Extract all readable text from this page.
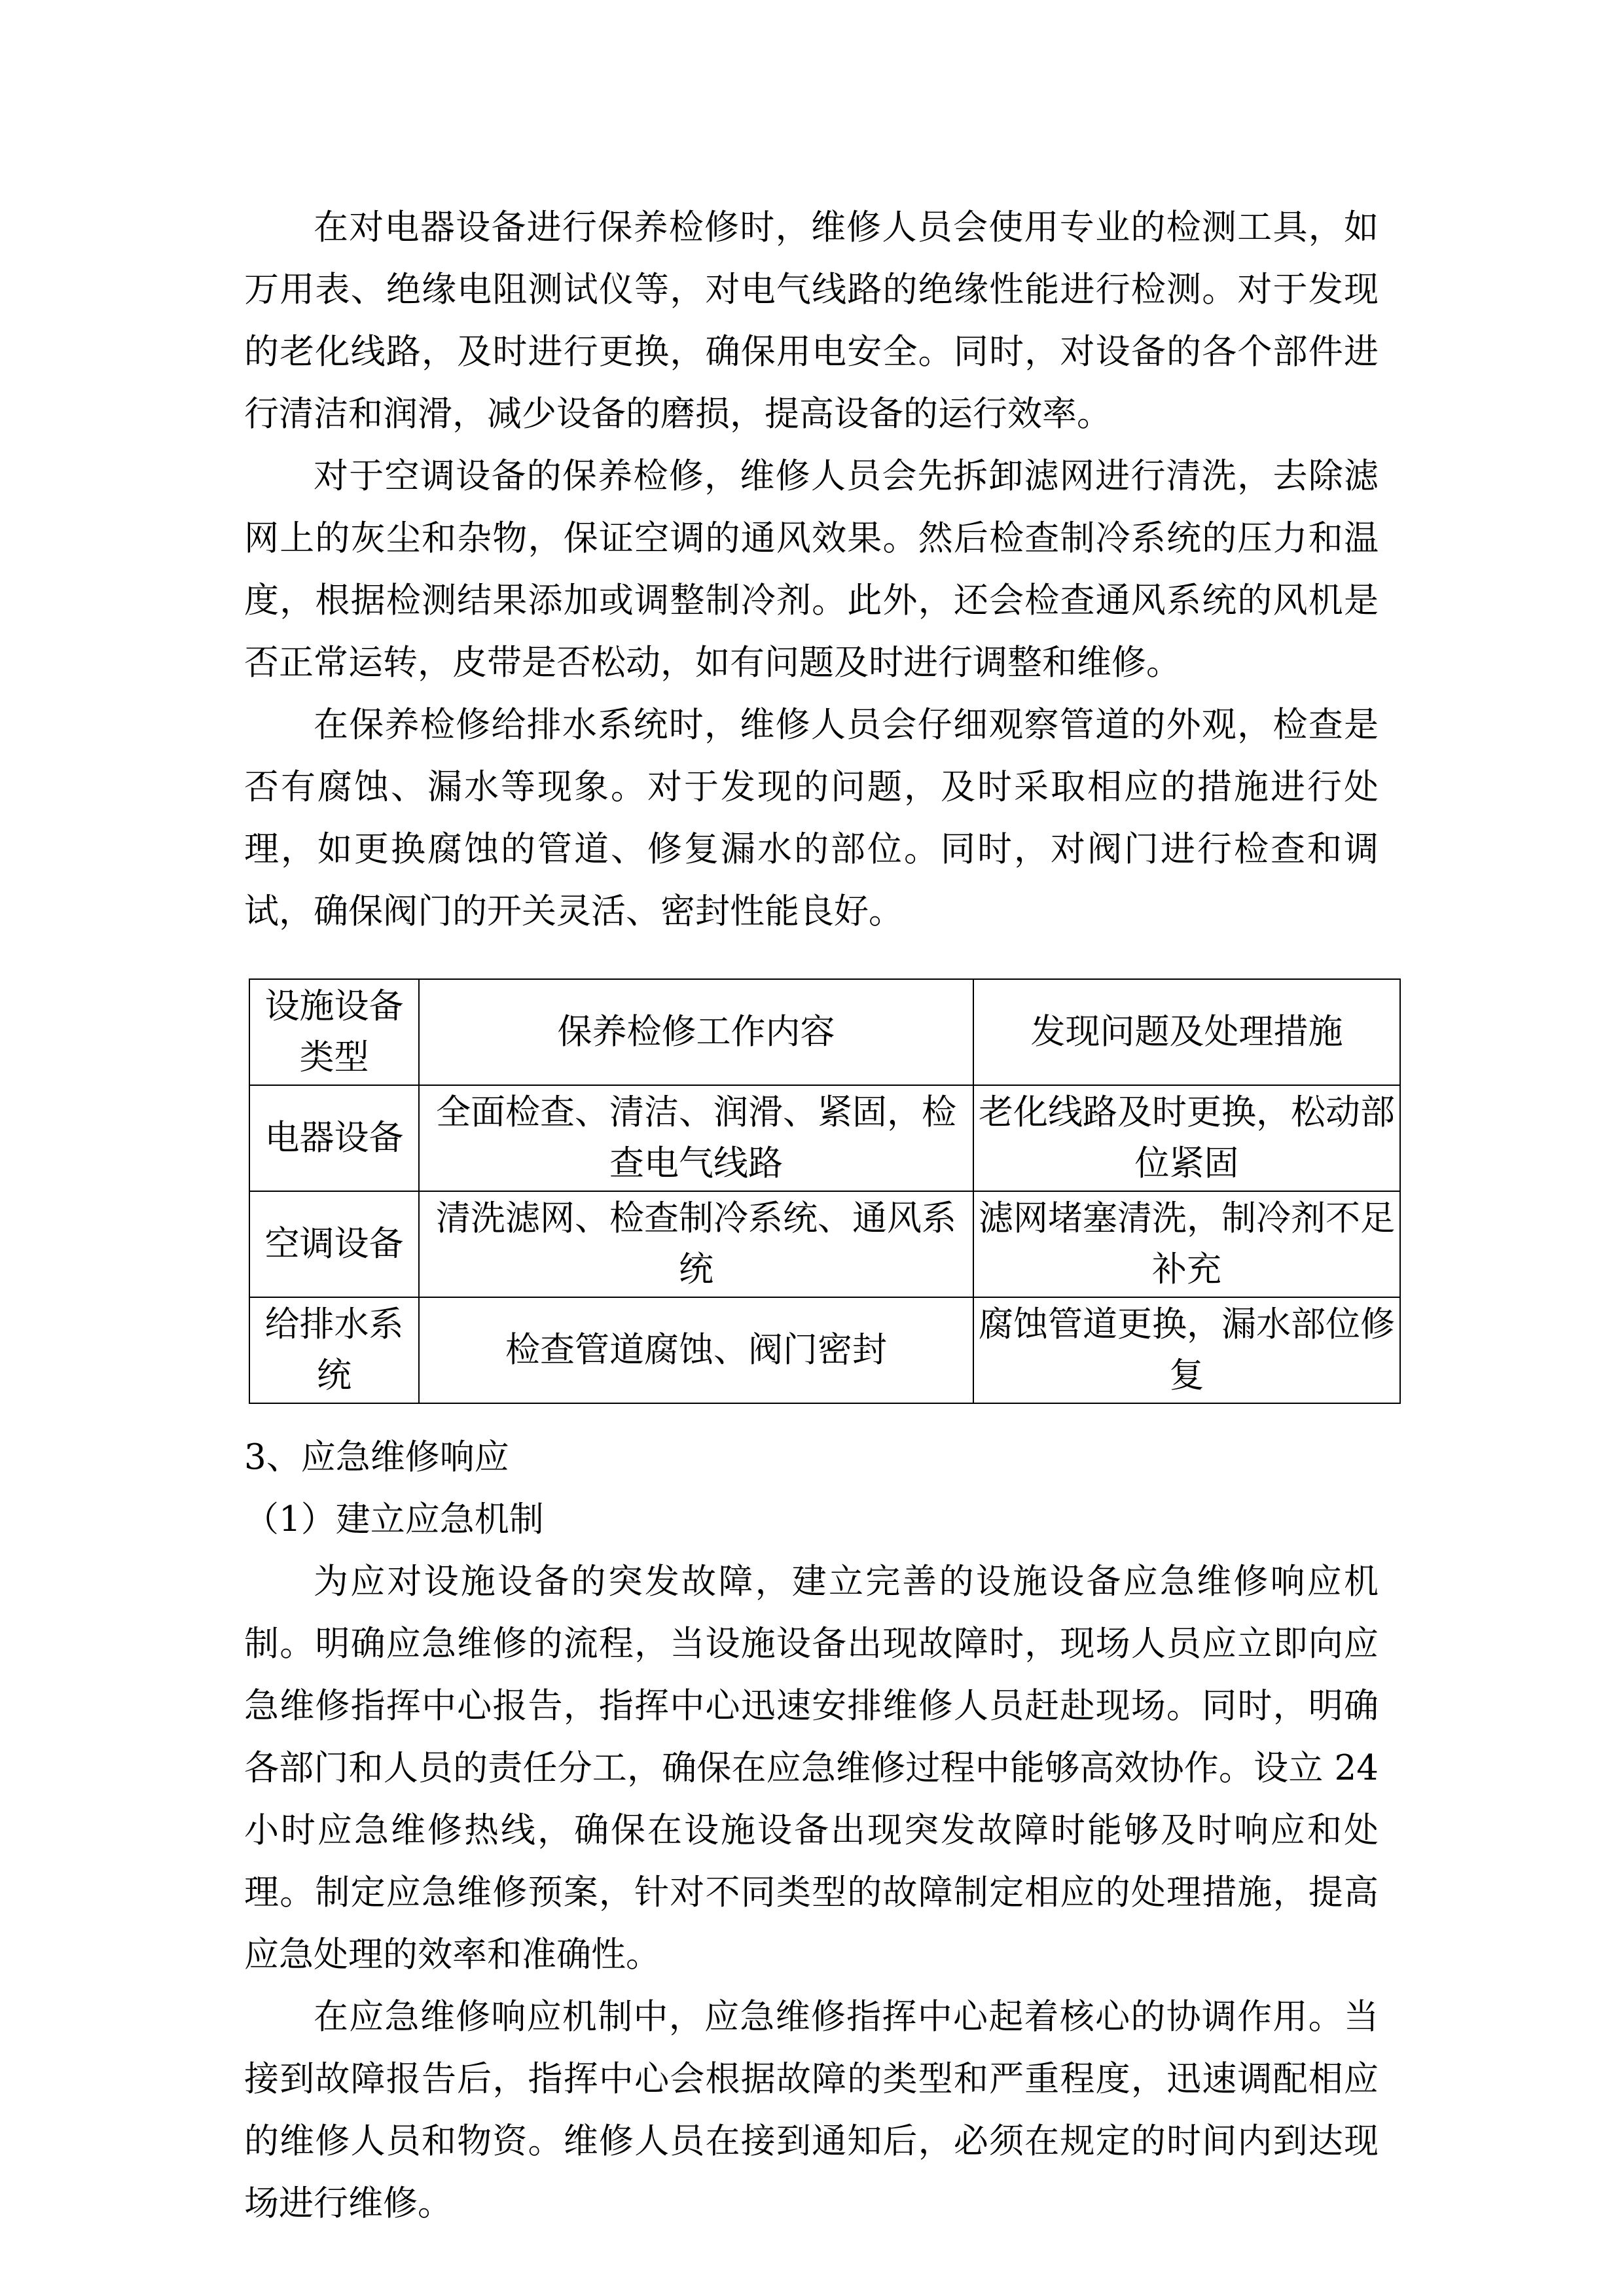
在对电器设备进行保养检修时，维修人员会使用专业的检测工具，如万用表、绝缘电阻测试仪等，对电气线路的绝缘性能进行检测。对于发现的老化线路，及时进行更换，确保用电安全。同时，对设备的各个部件进行清洁和润滑，减少设备的磨损，提高设备的运行效率。

对于空调设备的保养检修，维修人员会先拆卸滤网进行清洗，去除滤网上的灰尘和杂物，保证空调的通风效果。然后检查制冷系统的压力和温度，根据检测结果添加或调整制冷剂。此外，还会检查通风系统的风机是否正常运转，皮带是否松动，如有问题及时进行调整和维修。

在保养检修给排水系统时，维修人员会仔细观察管道的外观，检查是否有腐蚀、漏水等现象。对于发现的问题，及时采取相应的措施进行处理，如更换腐蚀的管道、修复漏水的部位。同时，对阀门进行检查和调试，确保阀门的开关灵活、密封性能良好。

设施设备类型	保养检修工作内容	发现问题及处理措施
电器设备	全面检查、清洁、润滑、紧固，检查电气线路	老化线路及时更换，松动部位紧固
空调设备	清洗滤网、检查制冷系统、通风系统	滤网堵塞清洗，制冷剂不足补充
给排水系统	检查管道腐蚀、阀门密封	腐蚀管道更换，漏水部位修复

3、应急维修响应

（1）建立应急机制

为应对设施设备的突发故障，建立完善的设施设备应急维修响应机制。明确应急维修的流程，当设施设备出现故障时，现场人员应立即向应急维修指挥中心报告，指挥中心迅速安排维修人员赶赴现场。同时，明确各部门和人员的责任分工，确保在应急维修过程中能够高效协作。设立 24 小时应急维修热线，确保在设施设备出现突发故障时能够及时响应和处理。制定应急维修预案，针对不同类型的故障制定相应的处理措施，提高应急处理的效率和准确性。

在应急维修响应机制中，应急维修指挥中心起着核心的协调作用。当接到故障报告后，指挥中心会根据故障的类型和严重程度，迅速调配相应的维修人员和物资。维修人员在接到通知后，必须在规定的时间内到达现场进行维修。
